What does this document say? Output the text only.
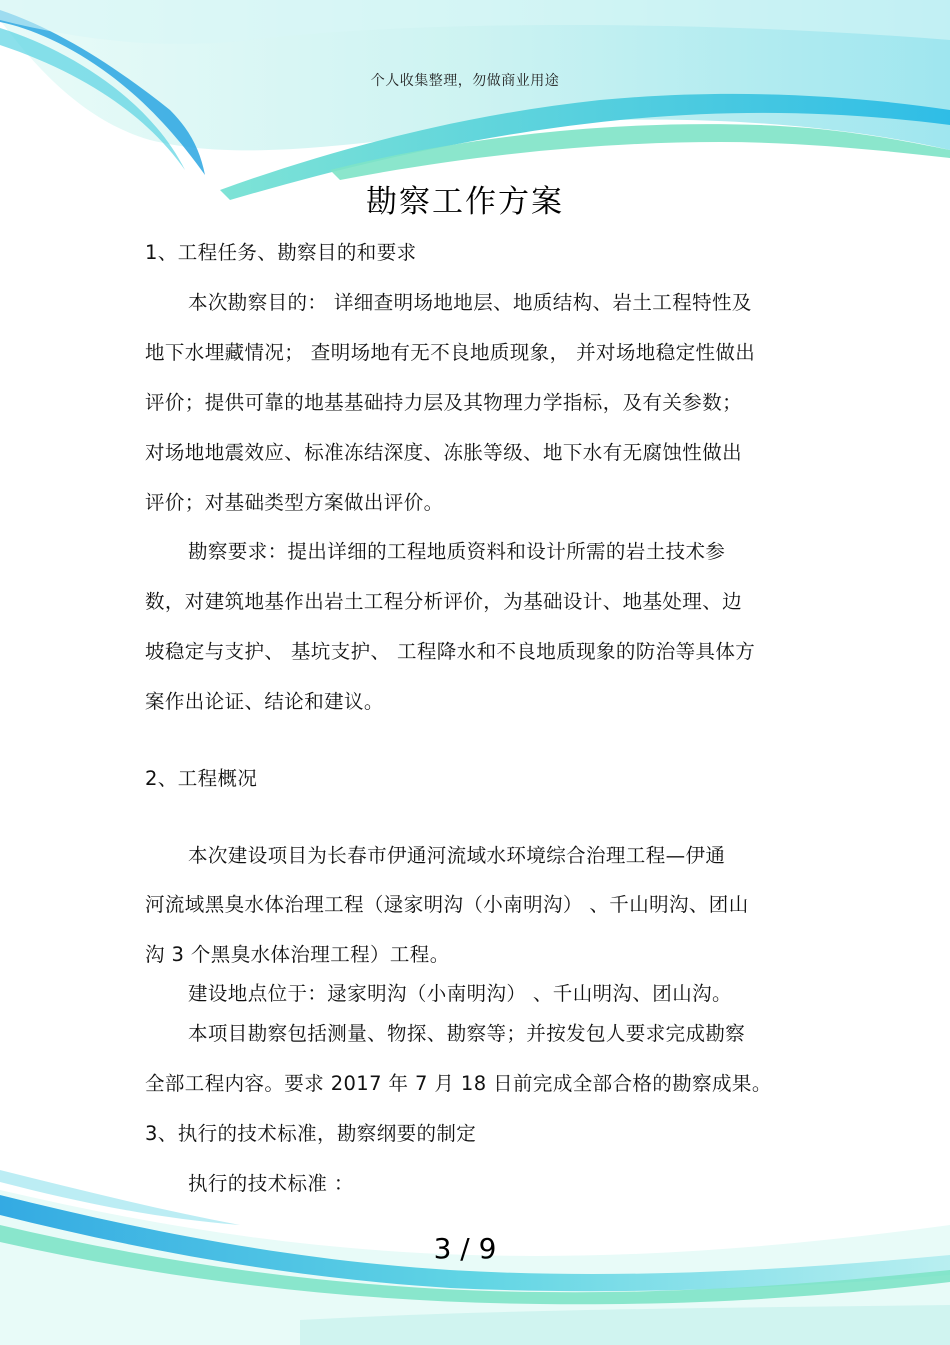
个人收集整理，勿做商业用途
勘察工作方案
1、工程任务、勘察目的和要求
本次勘察目的： 详细查明场地地层、地质结构、岩土工程特性及
地下水埋藏情况； 查明场地有无不良地质现象， 并对场地稳定性做出
评价；提供可靠的地基基础持力层及其物理力学指标，及有关参数；
对场地地震效应、标准冻结深度、冻胀等级、地下水有无腐蚀性做出
评价；对基础类型方案做出评价。
勘察要求：提出详细的工程地质资料和设计所需的岩土技术参
数，对建筑地基作出岩土工程分析评价，为基础设计、地基处理、边
坡稳定与支护、 基坑支护、 工程降水和不良地质现象的防治等具体方
案作出论证、结论和建议。
2、工程概况
本次建设项目为长春市伊通河流域水环境综合治理工程—伊通
河流域黑臭水体治理工程（逯家明沟（小南明沟） 、千山明沟、团山
沟 3 个黑臭水体治理工程）工程。
建设地点位于：逯家明沟（小南明沟） 、千山明沟、团山沟。
本项目勘察包括测量、物探、勘察等；并按发包人要求完成勘察
全部工程内容。要求 2017 年 7 月 18 日前完成全部合格的勘察成果。
3、执行的技术标准，勘察纲要的制定
执行的技术标准 ：
3 / 9
